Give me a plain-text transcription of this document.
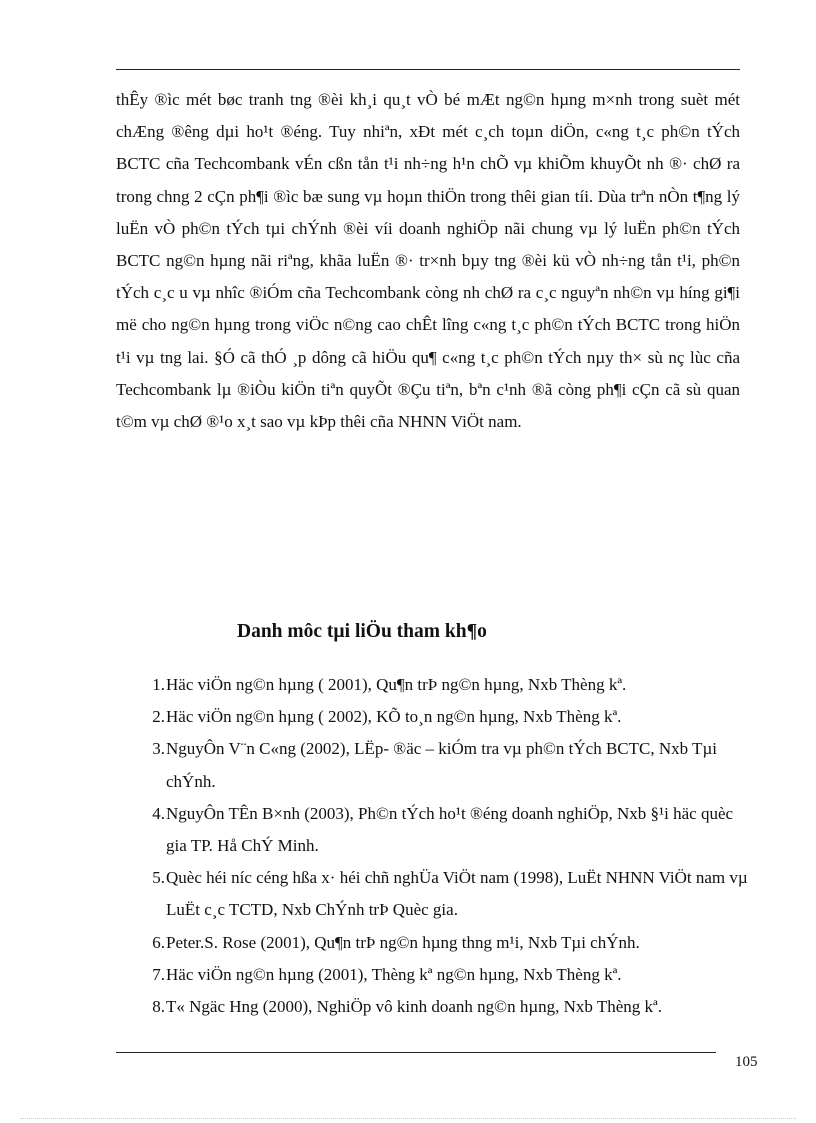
thÊy ®ìc mét bøc tranh tng ®èi kh¸i qu¸t vÒ bé mÆt ng©n hµng m×nh trong suèt mét chÆng ®êng dµi ho¹t ®éng. Tuy nhiªn, xÐt mét c¸ch toµn diÖn, c«ng t¸c ph©n tÝch BCTC cña Techcombank vÉn cßn tån t¹i nh÷ng h¹n chÕ vµ khiÕm khuyÕt nh ®· chØ ra trong chng 2 cÇn ph¶i ®ìc bæ sung vµ hoµn thiÖn trong thêi gian tíi. Dùa trªn nÒn t¶ng lý luËn vÒ ph©n tÝch tµi chÝnh ®èi víi doanh nghiÖp nãi chung vµ lý luËn ph©n tÝch BCTC ng©n hµng nãi riªng, khãa luËn ®· tr×nh bµy tng ®èi kü vÒ nh÷ng tån t¹i, ph©n tÝch c¸c u vµ nhîc ®iÓm cña Techcombank còng nh chØ ra c¸c nguyªn nh©n vµ híng gi¶i më cho ng©n hµng trong viÖc n©ng cao chÊt lîng c«ng t¸c ph©n tÝch BCTC trong hiÖn t¹i vµ tng lai. §Ó cã thÓ ¸p dông cã hiÖu qu¶ c«ng t¸c ph©n tÝch nµy th× sù nç lùc cña Techcombank lµ ®iÒu kiÖn tiªn quyÕt ®Çu tiªn, bªn c¹nh ®ã còng ph¶i cÇn cã sù quan t©m vµ chØ ®¹o x¸t sao vµ kÞp thêi cña NHNN ViÖt nam.

Danh môc tµi liÖu tham kh¶o
1. Häc viÖn ng©n hµng ( 2001), Qu¶n trÞ ng©n hµng, Nxb Thèng kª.
2. Häc viÖn ng©n hµng ( 2002), KÕ to¸n ng©n hµng, Nxb Thèng kª.
3. NguyÔn V¨n C«ng (2002), LËp- ®äc – kiÓm tra vµ ph©n tÝch BCTC, Nxb Tµi chÝnh.
4. NguyÔn TÊn B×nh (2003), Ph©n tÝch ho¹t ®éng doanh nghiÖp, Nxb §¹i häc quèc gia TP. Hå ChÝ Minh.
5. Quèc héi níc céng hßa x· héi chñ nghÜa ViÖt nam (1998), LuËt NHNN ViÖt nam vµ LuËt c¸c TCTD, Nxb ChÝnh trÞ Quèc gia.
6. Peter.S. Rose (2001), Qu¶n trÞ ng©n hµng thng m¹i, Nxb Tµi chÝnh.
7. Häc viÖn ng©n hµng (2001), Thèng kª ng©n hµng, Nxb Thèng kª.
8. T« Ngäc Hng (2000), NghiÖp vô kinh doanh ng©n hµng, Nxb Thèng kª.
105
